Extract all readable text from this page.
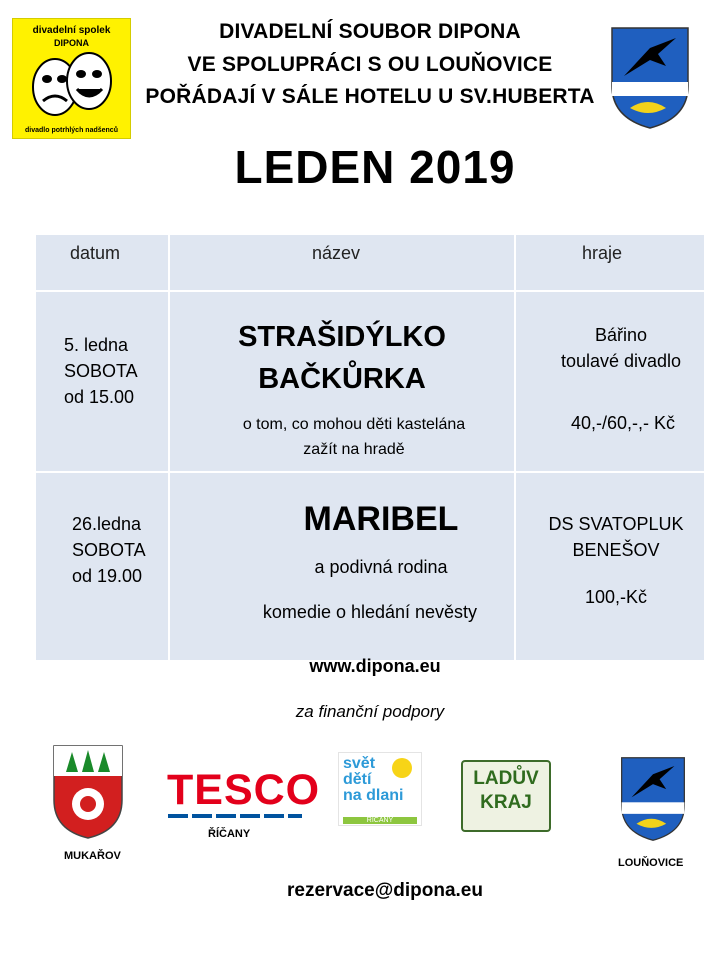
divadelní spolek
DIPONA
divadlo potrhlých nadšenců
DIVADELNÍ SOUBOR DIPONA
VE SPOLUPRÁCI S OU LOUŇOVICE
POŘÁDAJÍ V SÁLE HOTELU U SV.HUBERTA
LEDEN 2019
datum	název	hraje
5. ledna
SOBOTA
od 15.00
STRAŠIDÝLKO
BAČKŮRKA
o tom, co mohou děti kastelána
zažít na hradě
Bářino
toulavé divadlo
40,-/60,-,- Kč
26.ledna
SOBOTA
od 19.00
MARIBEL
a podivná rodina
komedie o hledání nevěsty
DS SVATOPLUK
BENEŠOV
100,-Kč
www.dipona.eu
za finanční podpory
MUKAŘOV
TESCO
ŘÍČANY
svět
dětí
na dlani
ŘÍČANY
LADŮV
KRAJ
LOUŇOVICE
rezervace@dipona.eu
